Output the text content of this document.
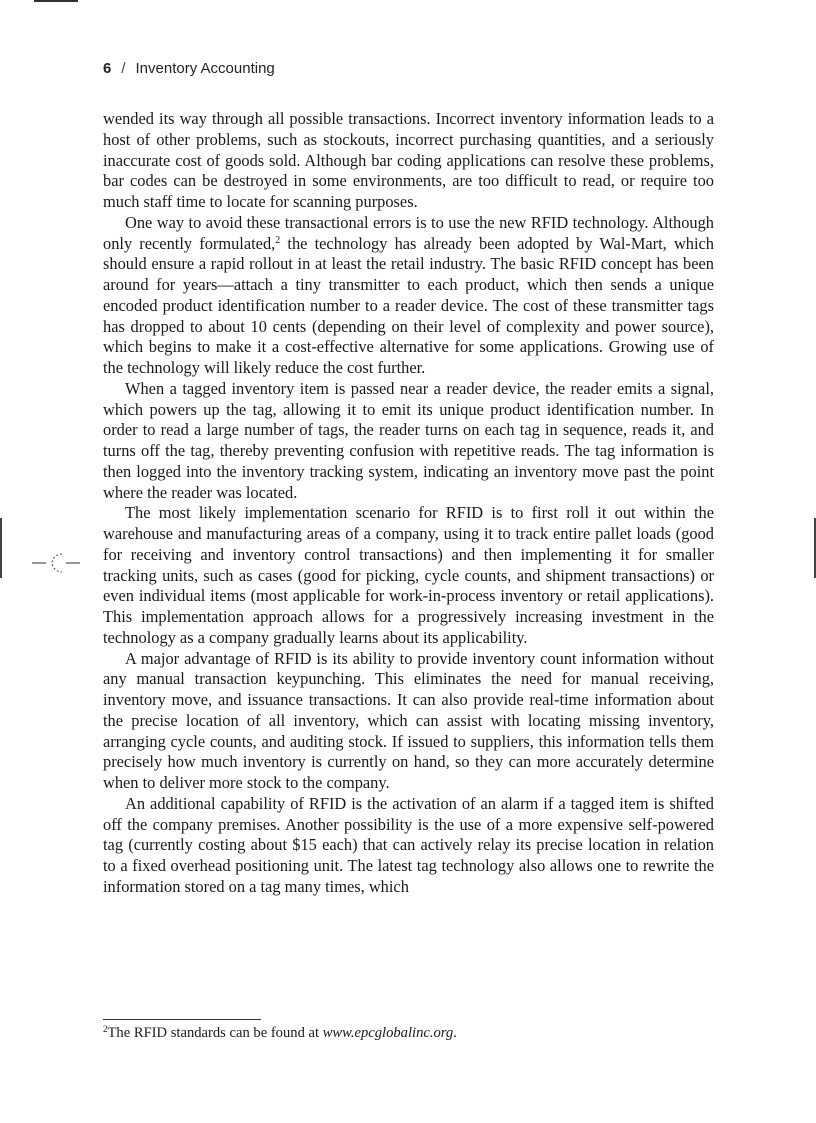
6 / Inventory Accounting

wended its way through all possible transactions. Incorrect inventory information leads to a host of other problems, such as stockouts, incorrect purchasing quantities, and a seriously inaccurate cost of goods sold. Although bar coding applications can resolve these problems, bar codes can be destroyed in some environments, are too difficult to read, or require too much staff time to locate for scanning purposes.

One way to avoid these transactional errors is to use the new RFID technology. Although only recently formulated,$^2$ the technology has already been adopted by Wal-Mart, which should ensure a rapid rollout in at least the retail industry. The basic RFID concept has been around for years—attach a tiny transmitter to each product, which then sends a unique encoded product identification number to a reader device. The cost of these transmitter tags has dropped to about 10 cents (depending on their level of complexity and power source), which begins to make it a cost-effective alternative for some applications. Growing use of the technology will likely reduce the cost further.

When a tagged inventory item is passed near a reader device, the reader emits a signal, which powers up the tag, allowing it to emit its unique product identification number. In order to read a large number of tags, the reader turns on each tag in sequence, reads it, and turns off the tag, thereby preventing confusion with repetitive reads. The tag information is then logged into the inventory tracking system, indicating an inventory move past the point where the reader was located.

The most likely implementation scenario for RFID is to first roll it out within the warehouse and manufacturing areas of a company, using it to track entire pallet loads (good for receiving and inventory control transactions) and then implementing it for smaller tracking units, such as cases (good for picking, cycle counts, and shipment transactions) or even individual items (most applicable for work-in-process inventory or retail applications). This implementation approach allows for a progressively increasing investment in the technology as a company gradually learns about its applicability.

A major advantage of RFID is its ability to provide inventory count information without any manual transaction keypunching. This eliminates the need for manual receiving, inventory move, and issuance transactions. It can also provide real-time information about the precise location of all inventory, which can assist with locating missing inventory, arranging cycle counts, and auditing stock. If issued to suppliers, this information tells them precisely how much inventory is currently on hand, so they can more accurately determine when to deliver more stock to the company.

An additional capability of RFID is the activation of an alarm if a tagged item is shifted off the company premises. Another possibility is the use of a more expensive self-powered tag (currently costing about $15 each) that can actively relay its precise location in relation to a fixed overhead positioning unit. The latest tag technology also allows one to rewrite the information stored on a tag many times, which

$^2$The RFID standards can be found at www.epcglobalinc.org.
